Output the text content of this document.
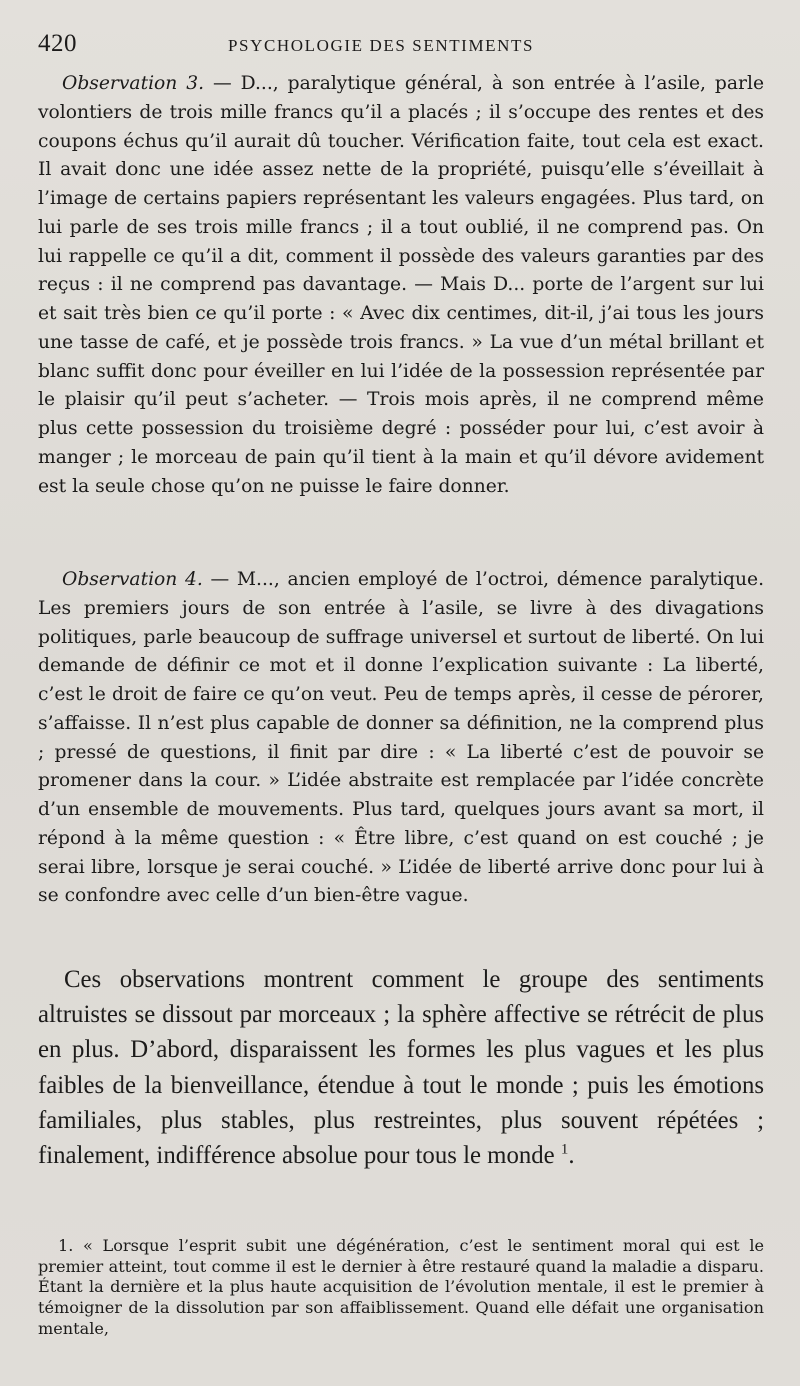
420	PSYCHOLOGIE DES SENTIMENTS

Observation 3. — D..., paralytique général, à son entrée à l’asile, parle volontiers de trois mille francs qu’il a placés ; il s’occupe des rentes et des coupons échus qu’il aurait dû toucher. Vérification faite, tout cela est exact. Il avait donc une idée assez nette de la propriété, puisqu’elle s’éveillait à l’image de certains papiers représentant les valeurs engagées. Plus tard, on lui parle de ses trois mille francs ; il a tout oublié, il ne comprend pas. On lui rappelle ce qu’il a dit, comment il possède des valeurs garanties par des reçus : il ne comprend pas davantage. — Mais D... porte de l’argent sur lui et sait très bien ce qu’il porte : « Avec dix centimes, dit-il, j’ai tous les jours une tasse de café, et je possède trois francs. » La vue d’un métal brillant et blanc suffit donc pour éveiller en lui l’idée de la possession représentée par le plaisir qu’il peut s’acheter. — Trois mois après, il ne comprend même plus cette possession du troisième degré : posséder pour lui, c’est avoir à manger ; le morceau de pain qu’il tient à la main et qu’il dévore avidement est la seule chose qu’on ne puisse le faire donner.

Observation 4. — M..., ancien employé de l’octroi, démence paralytique. Les premiers jours de son entrée à l’asile, se livre à des divagations politiques, parle beaucoup de suffrage universel et surtout de liberté. On lui demande de définir ce mot et il donne l’explication suivante : La liberté, c’est le droit de faire ce qu’on veut. Peu de temps après, il cesse de pérorer, s’affaisse. Il n’est plus capable de donner sa définition, ne la comprend plus ; pressé de questions, il finit par dire : « La liberté c’est de pouvoir se promener dans la cour. » L’idée abstraite est remplacée par l’idée concrète d’un ensemble de mouvements. Plus tard, quelques jours avant sa mort, il répond à la même question : « Être libre, c’est quand on est couché ; je serai libre, lorsque je serai couché. » L’idée de liberté arrive donc pour lui à se confondre avec celle d’un bien-être vague.

Ces observations montrent comment le groupe des sentiments altruistes se dissout par morceaux ; la sphère affective se rétrécit de plus en plus. D’abord, disparaissent les formes les plus vagues et les plus faibles de la bienveillance, étendue à tout le monde ; puis les émotions familiales, plus stables, plus restreintes, plus souvent répétées ; finalement, indifférence absolue pour tous le monde $^1$.

1. « Lorsque l’esprit subit une dégénération, c’est le sentiment moral qui est le premier atteint, tout comme il est le dernier à être restauré quand la maladie a disparu. Étant la dernière et la plus haute acquisition de l’évolution mentale, il est le premier à témoigner de la dissolution par son affaiblissement. Quand elle défait une organisation mentale,
